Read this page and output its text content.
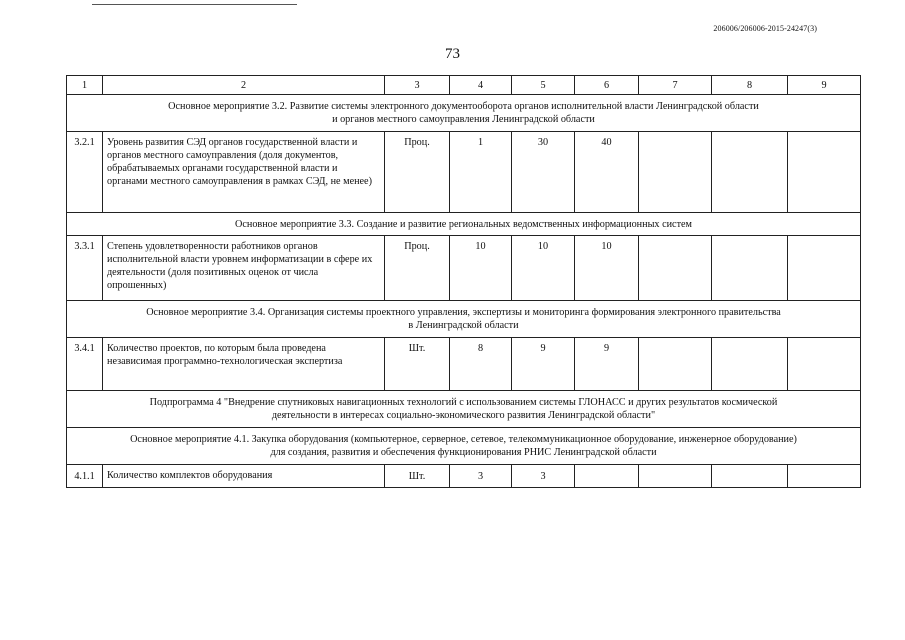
206006/206006-2015-24247(3)
73
1	2	3	4	5	6	7	8	9

Основное мероприятие 3.2. Развитие системы электронного документооборота органов исполнительной власти Ленинградской области
и органов местного самоуправления Ленинградской области								

3.2.1	Уровень развития СЭД органов государственной власти и органов местного самоуправления (доля документов, обрабатываемых органами государственной власти и органами местного самоуправления в рамках СЭД, не менее)	Проц.	1	30	40			

Основное мероприятие 3.3. Создание и развитие региональных ведомственных информационных систем								

3.3.1	Степень удовлетворенности работников органов исполнительной власти уровнем информатизации в сфере их деятельности (доля позитивных оценок от числа опрошенных)	Проц.	10	10	10			

Основное мероприятие 3.4. Организация системы проектного управления, экспертизы и мониторинга формирования электронного правительства
в Ленинградской области								

3.4.1	Количество проектов, по которым была проведена независимая программно-технологическая экспертиза	Шт.	8	9	9			

Подпрограмма 4 "Внедрение спутниковых навигационных технологий с использованием системы ГЛОНАСС и других результатов космической
деятельности в интересах социально-экономического развития Ленинградской области"								

Основное мероприятие 4.1. Закупка оборудования (компьютерное, серверное, сетевое, телекоммуникационное оборудование, инженерное оборудование)
для создания, развития и обеспечения функционирования РНИС Ленинградской области								

4.1.1	Количество комплектов оборудования	Шт.	3	3				
